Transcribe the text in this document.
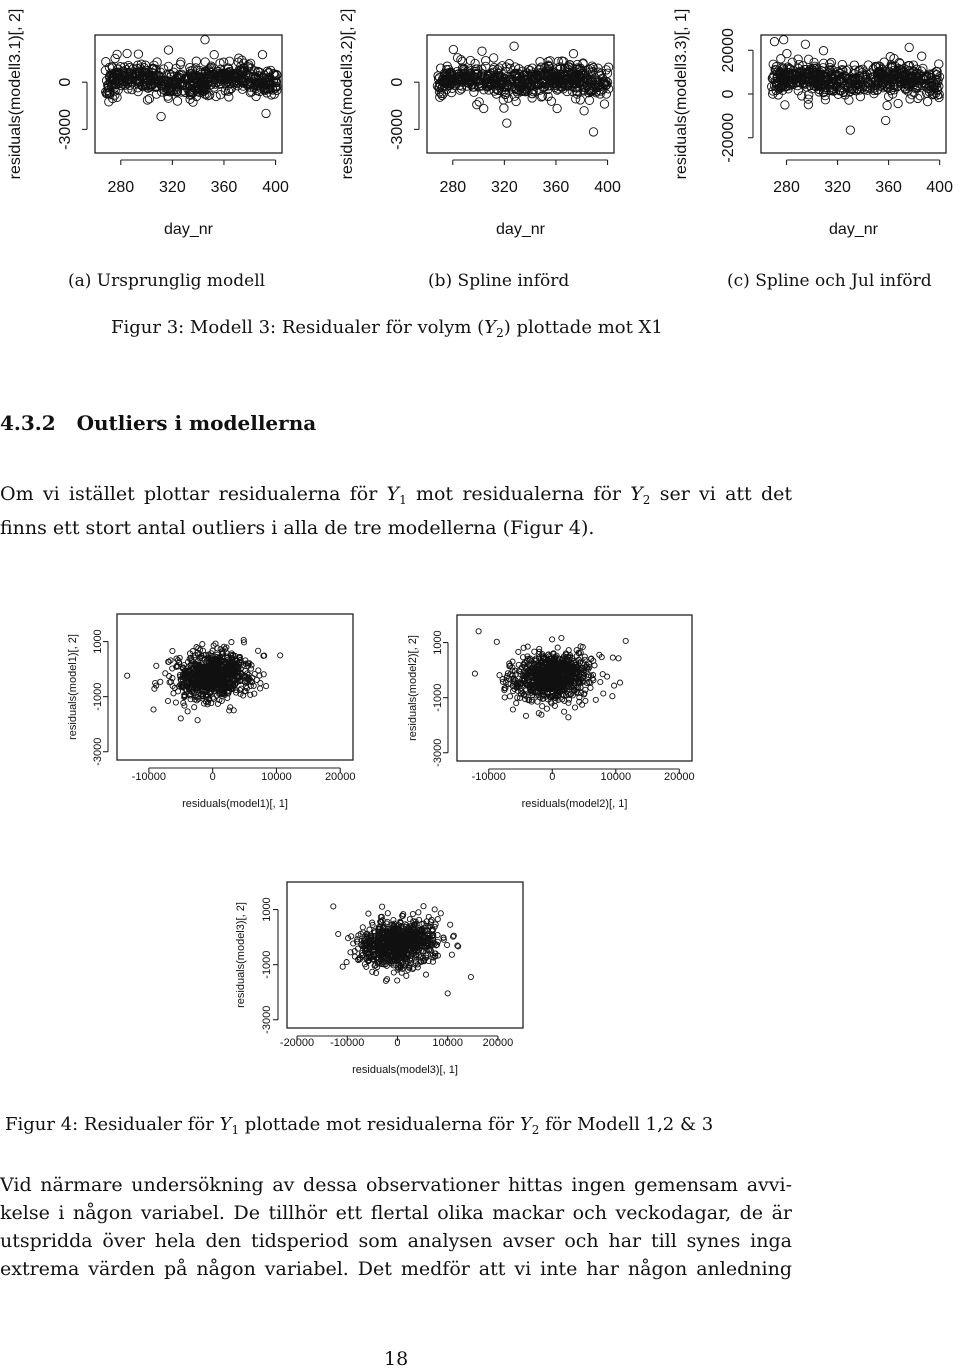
280 320 360 400
day_nr
-3000
0
residuals(modell3.1)[, 2]
280 320 360 400
day_nr
-3000
0
residuals(modell3.2)[, 2]
280 320 360 400
day_nr
-20000
0
20000
residuals(modell3.3)[, 1]
(a) Ursprunglig modell	(b) Spline införd	(c) Spline och Jul införd
Figur 3: Modell 3: Residualer för volym $(Y_2)$ plottade mot X1
4.3.2 Outliers i modellerna
Om vi istället plottar residualerna för $Y_1$ mot residualerna för $Y_2$ ser vi att det
finns ett stort antal outliers i alla de tre modellerna (Figur 4).
-10000	0	10000	20000
residuals(model1)[, 1]
-3000
-1000
1000
residuals(model1)[, 2]
-10000	0	10000	20000
residuals(model2)[, 1]
-3000
-1000
1000
residuals(model2)[, 2]
-20000 -10000	0	10000 20000
residuals(model3)[, 1]
-3000
-1000
1000
residuals(model3)[, 2]
Figur 4: Residualer för $Y_1$ plottade mot residualerna för $Y_2$ för Modell 1,2 & 3
Vid närmare undersökning av dessa observationer hittas ingen gemensam avvi-
kelse i någon variabel. De tillhör ett flertal olika mackar och veckodagar, de är
utspridda över hela den tidsperiod som analysen avser och har till synes inga
extrema värden på någon variabel. Det medför att vi inte har någon anledning
18
